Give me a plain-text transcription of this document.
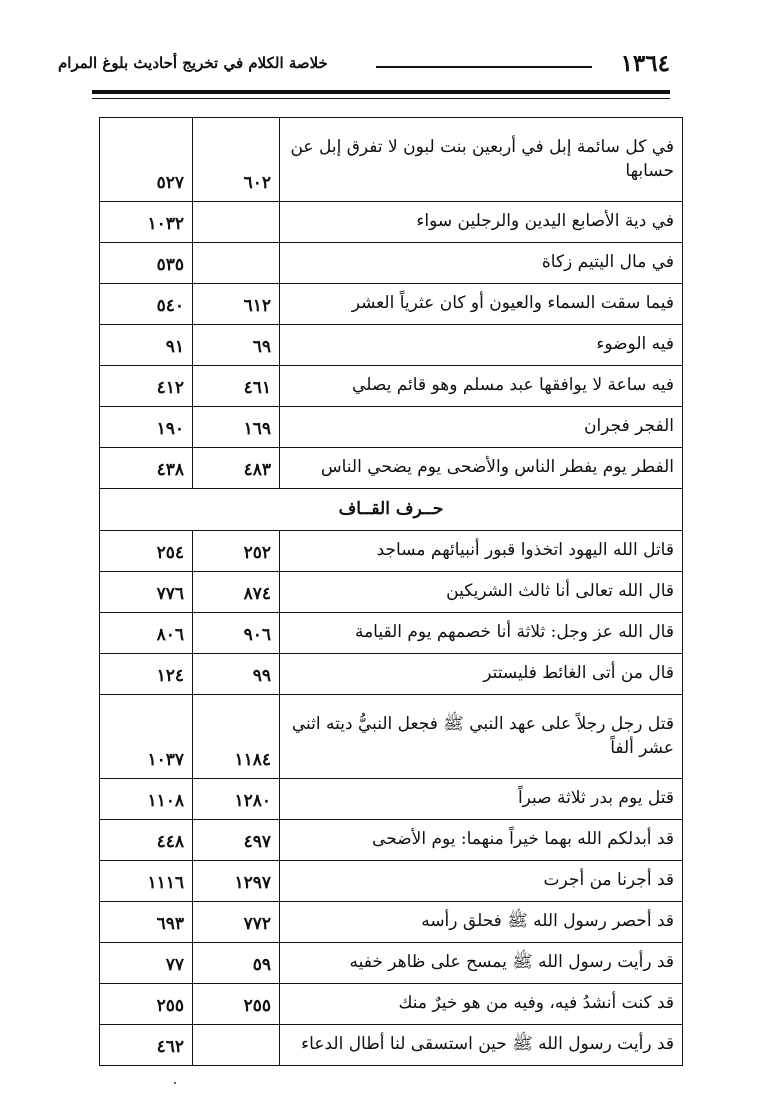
١٣٦٤
خلاصة الكلام في تخريج أحاديث بلوغ المرام
في كل سائمة إبل في أربعين بنت لبون لا تفرق إبل عن حسابها	٦٠٢	٥٢٧
في دية الأصابع اليدين والرجلين سواء		١٠٣٢
في مال اليتيم زكاة		٥٣٥
فيما سقت السماء والعيون أو كان عثرياً العشر	٦١٢	٥٤٠
فيه الوضوء	٦٩	٩١
فيه ساعة لا يوافقها عبد مسلم وهو قائم يصلي	٤٦١	٤١٢
الفجر فجران	١٦٩	١٩٠
الفطر يوم يفطر الناس والأضحى يوم يضحي الناس	٤٨٣	٤٣٨
حــرف القــاف		
قاتل الله اليهود اتخذوا قبور أنبيائهم مساجد	٢٥٢	٢٥٤
قال الله تعالى أنا ثالث الشريكين	٨٧٤	٧٧٦
قال الله عز وجل: ثلاثة أنا خصمهم يوم القيامة	٩٠٦	٨٠٦
قال من أتى الغائط فليستتر	٩٩	١٢٤
قتل رجل رجلاً على عهد النبي ﷺ فجعل النبيُّ ديته اثني عشر ألفاً	١١٨٤	١٠٣٧
قتل يوم بدر ثلاثة صبراً	١٢٨٠	١١٠٨
قد أبدلكم الله بهما خيراً منهما: يوم الأضحى	٤٩٧	٤٤٨
قد أجرنا من أجرت	١٢٩٧	١١١٦
قد أحصر رسول الله ﷺ فحلق رأسه	٧٧٢	٦٩٣
قد رأيت رسول الله ﷺ يمسح على ظاهر خفيه	٥٩	٧٧
قد كنت أنشدُ فيه، وفيه من هو خيرٌ منك	٢٥٥	٢٥٥
قد رأيت رسول الله ﷺ حين استسقى لنا أطال الدعاء		٤٦٢
